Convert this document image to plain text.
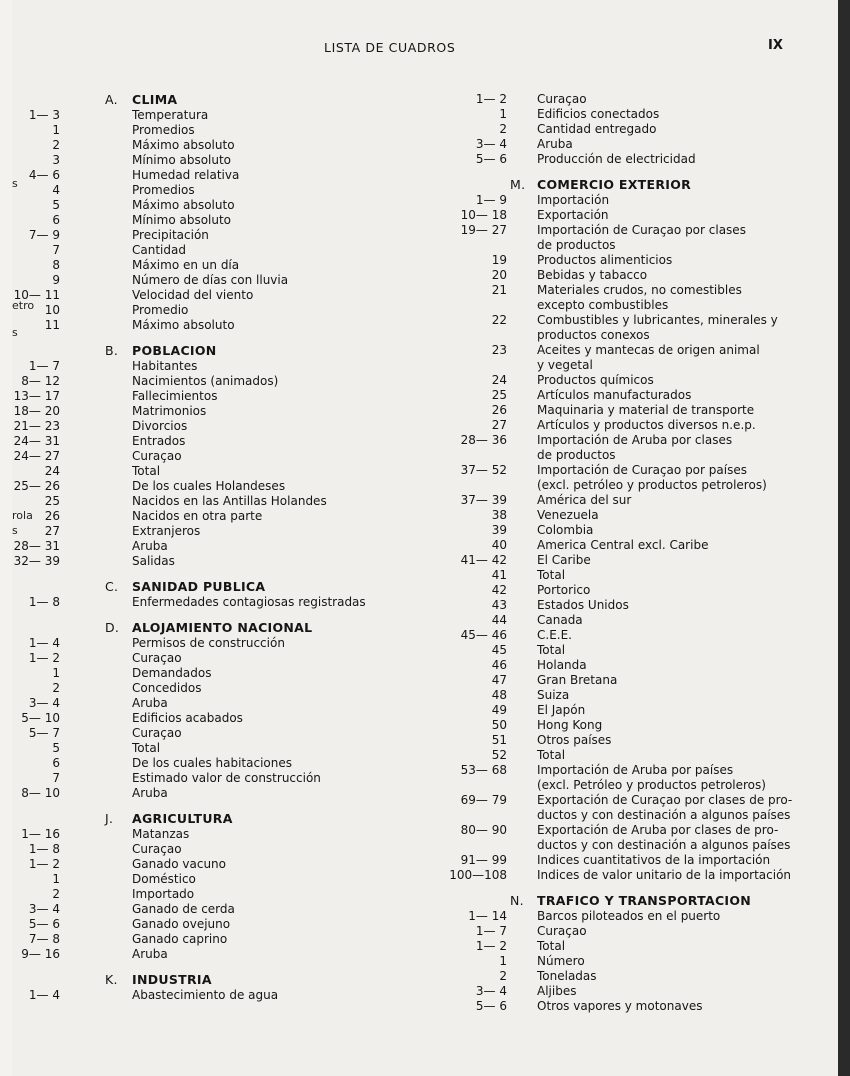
LISTA DE CUADROS	IX
A. CLIMA
1— 3	Temperatura
1	Promedios
2	Máximo absoluto
3	Mínimo absoluto
4— 6	Humedad relativa
4	Promedios
5	Máximo absoluto
6	Mínimo absoluto
7— 9	Precipitación
7	Cantidad
8	Máximo en un día
9	Número de días con lluvia
10— 11	Velocidad del viento
10	Promedio
11	Máximo absoluto
B. POBLACION
1— 7	Habitantes
8— 12	Nacimientos (animados)
13— 17	Fallecimientos
18— 20	Matrimonios
21— 23	Divorcios
24— 31	Entrados
24— 27	Curaçao
24	Total
25— 26	De los cuales Holandeses
25	Nacidos en las Antillas Holandes
26	Nacidos en otra parte
27	Extranjeros
28— 31	Aruba
32— 39	Salidas
C. SANIDAD PUBLICA
1— 8	Enfermedades contagiosas registradas
D. ALOJAMIENTO NACIONAL
1— 4	Permisos de construcción
1— 2	Curaçao
1	Demandados
2	Concedidos
3— 4	Aruba
5— 10	Edificios acabados
5— 7	Curaçao
5	Total
6	De los cuales habitaciones
7	Estimado valor de construcción
8— 10	Aruba
J. AGRICULTURA
1— 16	Matanzas
1— 8	Curaçao
1— 2	Ganado vacuno
1	Doméstico
2	Importado
3— 4	Ganado de cerda
5— 6	Ganado ovejuno
7— 8	Ganado caprino
9— 16	Aruba
K. INDUSTRIA
1— 4	Abastecimiento de agua
1— 2	Curaçao
1	Edificios conectados
2	Cantidad entregado
3— 4	Aruba
5— 6	Producción de electricidad
M. COMERCIO EXTERIOR
1— 9	Importación
10— 18	Exportación
19— 27	Importación de Curaçao por clases
de productos
19	Productos alimenticios
20	Bebidas y tabacco
21	Materiales crudos, no comestibles
excepto combustibles
22	Combustibles y lubricantes, minerales y
productos conexos
23	Aceites y mantecas de origen animal
y vegetal
24	Productos químicos
25	Artículos manufacturados
26	Maquinaria y material de transporte
27	Artículos y productos diversos n.e.p.
28— 36	Importación de Aruba por clases
de productos
37— 52	Importación de Curaçao por países
(excl. petróleo y productos petroleros)
37— 39	América del sur
38	Venezuela
39	Colombia
40	America Central excl. Caribe
41— 42	El Caribe
41	Total
42	Portorico
43	Estados Unidos
44	Canada
45— 46	C.E.E.
45	Total
46	Holanda
47	Gran Bretana
48	Suiza
49	El Japón
50	Hong Kong
51	Otros países
52	Total
53— 68	Importación de Aruba por países
(excl. Petróleo y productos petroleros)
69— 79	Exportación de Curaçao por clases de pro-
ductos y con destinación a algunos países
80— 90	Exportación de Aruba por clases de pro-
ductos y con destinación a algunos países
91— 99	Indices cuantitativos de la importación
100—108	Indices de valor unitario de la importación
N. TRAFICO Y TRANSPORTACION
1— 14	Barcos piloteados en el puerto
1— 7	Curaçao
1— 2	Total
1	Número
2	Toneladas
3— 4	Aljibes
5— 6	Otros vapores y motonaves
s
etro
s
rola
s
